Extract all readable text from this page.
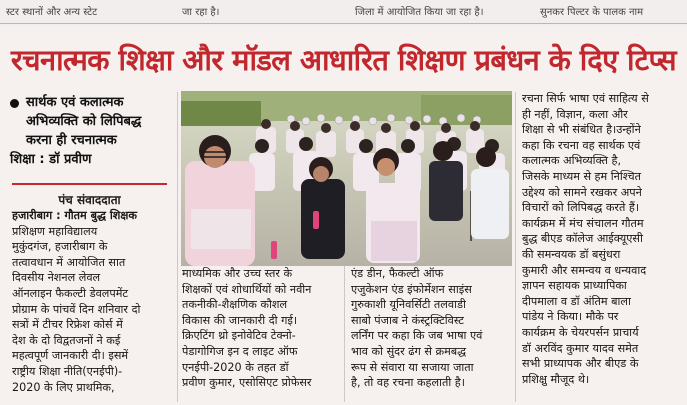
स्टर स्थानों और अन्य स्टेट	जा रहा है।	जिला में आयोजित किया जा रहा है।	सुनकर पिल्टर के पालक नाम
रचनात्मक शिक्षा और मॉडल आधारित शिक्षण प्रबंधन के दिए टिप्स
सार्थक एवं कलात्मक
अभिव्यक्ति को लिपिबद्ध
करना ही रचनात्मक
शिक्षा : डॉ प्रवीण
पंच संवाददाता
हजारीबाग : गौतम बुद्ध शिक्षक
प्रशिक्षण महाविद्यालय
मुकुंदगंज, हजारीबाग के
तत्वावधान में आयोजित सात
दिवसीय नेशनल लेवल
ऑनलाइन फैकल्टी डेवलपमेंट
प्रोग्राम के पांचवें दिन शनिवार दो
सत्रों में टीचर रिफ्रेश कोर्स में
देश के दो विद्वतजनों ने कई
महत्वपूर्ण जानकारी दी। इसमें
राष्ट्रीय शिक्षा नीति(एनईपी)-
2020 के लिए प्राथमिक,
माध्यमिक और उच्च स्तर के
शिक्षकों एवं शोधार्थियों को नवीन
तकनीकी-शैक्षणिक कौशल
विकास की जानकारी दी गई।
क्रिएटिंग थ्रो इनोवेटिव टेक्नो-
पेडागोगिज इन द लाइट ऑफ
एनईपी-2020 के तहत डॉ
प्रवीण कुमार, एसोसिएट प्रोफेसर
एंड डीन, फैकल्टी ऑफ
एजुकेशन एंड इंफोर्मेशन साइंस
गुरुकाशी यूनिवर्सिटी तलवाडी
साबो पंजाब ने कंस्ट्रक्टिविस्ट
लर्निंग पर कहा कि जब भाषा एवं
भाव को सुंदर ढंग से क्रमबद्ध
रूप से संवारा या सजाया जाता
है, तो वह रचना कहलाती है।
रचना सिर्फ भाषा एवं साहित्य से
ही नहीं, विज्ञान, कला और
शिक्षा से भी संबंधित है।उन्होंने
कहा कि रचना वह सार्थक एवं
कलात्मक अभिव्यक्ति है,
जिसके माध्यम से हम निश्चित
उद्देश्य को सामने रखकर अपने
विचारों को लिपिबद्ध करते हैं।
कार्यक्रम में मंच संचालन गौतम
बुद्ध बीएड कॉलेज आईक्यूएसी
की समन्वयक डॉ बसुंधरा
कुमारी और समन्वय व धन्यवाद
ज्ञापन सहायक प्राध्यापिका
दीपमाला व डॉ अंतिम बाला
पांडेय ने किया। मौके पर
कार्यक्रम के चेयरपर्सन प्राचार्य
डॉ अरविंद कुमार यादव समेत
सभी प्राध्यापक और बीएड के
प्रशिक्षु मौजूद थे।
